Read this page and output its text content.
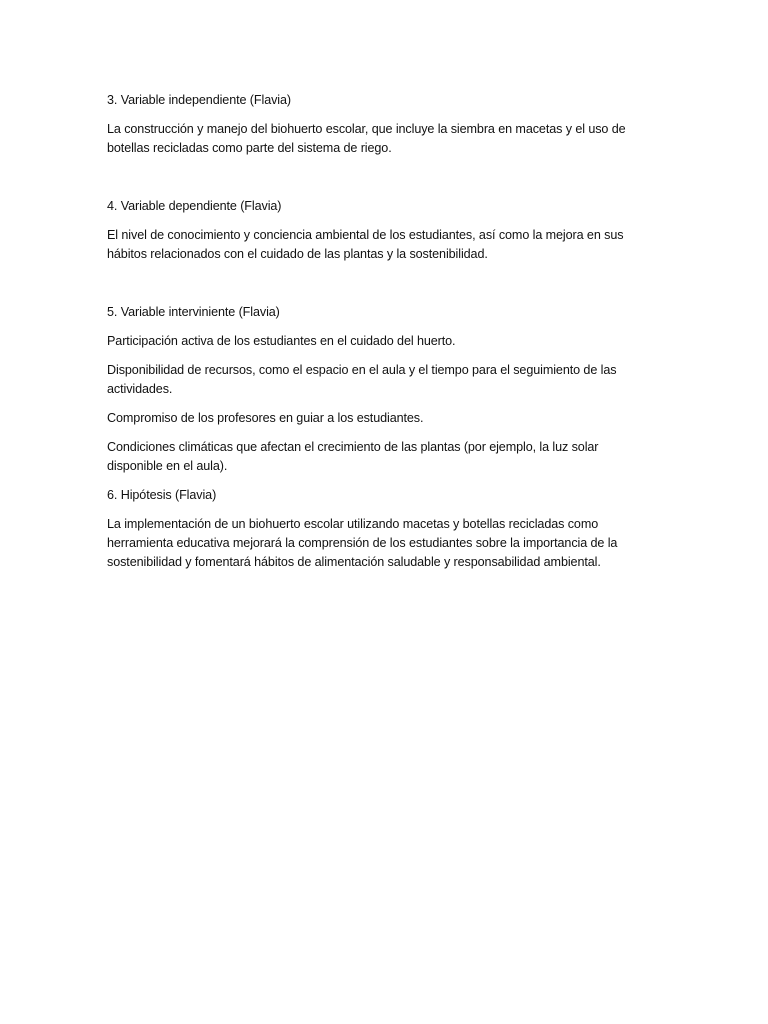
3. Variable independiente (Flavia)

La construcción y manejo del biohuerto escolar, que incluye la siembra en macetas y el uso de botellas recicladas como parte del sistema de riego.

4. Variable dependiente (Flavia)

El nivel de conocimiento y conciencia ambiental de los estudiantes, así como la mejora en sus hábitos relacionados con el cuidado de las plantas y la sostenibilidad.

5. Variable interviniente (Flavia)

Participación activa de los estudiantes en el cuidado del huerto.

Disponibilidad de recursos, como el espacio en el aula y el tiempo para el seguimiento de las actividades.

Compromiso de los profesores en guiar a los estudiantes.

Condiciones climáticas que afectan el crecimiento de las plantas (por ejemplo, la luz solar disponible en el aula).

6. Hipótesis (Flavia)

La implementación de un biohuerto escolar utilizando macetas y botellas recicladas como herramienta educativa mejorará la comprensión de los estudiantes sobre la importancia de la sostenibilidad y fomentará hábitos de alimentación saludable y responsabilidad ambiental.
